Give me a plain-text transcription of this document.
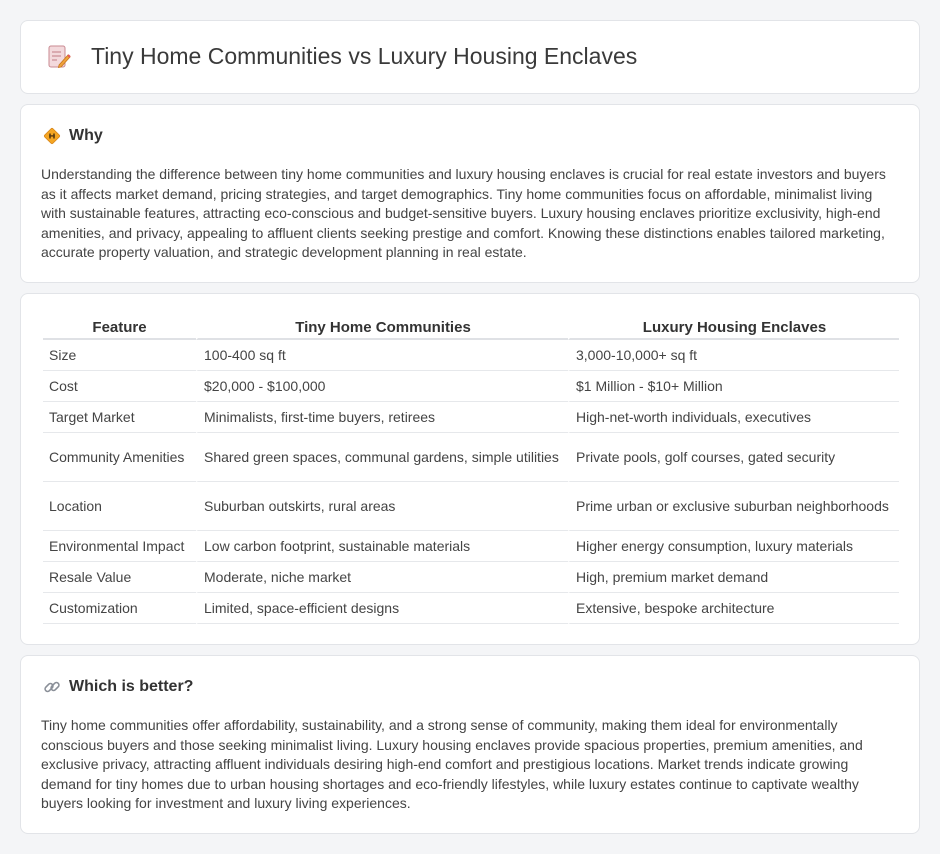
Tiny Home Communities vs Luxury Housing Enclaves
Why

Understanding the difference between tiny home communities and luxury housing enclaves is crucial for real estate investors and buyers as it affects market demand, pricing strategies, and target demographics. Tiny home communities focus on affordable, minimalist living with sustainable features, attracting eco-conscious and budget-sensitive buyers. Luxury housing enclaves prioritize exclusivity, high-end amenities, and privacy, appealing to affluent clients seeking prestige and comfort. Knowing these distinctions enables tailored marketing, accurate property valuation, and strategic development planning in real estate.

Feature	Tiny Home Communities	Luxury Housing Enclaves
Size	100-400 sq ft	3,000-10,000+ sq ft
Cost	$20,000 - $100,000	$1 Million - $10+ Million
Target Market	Minimalists, first-time buyers, retirees	High-net-worth individuals, executives
Community Amenities	Shared green spaces, communal gardens, simple utilities	Private pools, golf courses, gated security
Location	Suburban outskirts, rural areas	Prime urban or exclusive suburban neighborhoods
Environmental Impact	Low carbon footprint, sustainable materials	Higher energy consumption, luxury materials
Resale Value	Moderate, niche market	High, premium market demand
Customization	Limited, space-efficient designs	Extensive, bespoke architecture
Which is better?

Tiny home communities offer affordability, sustainability, and a strong sense of community, making them ideal for environmentally conscious buyers and those seeking minimalist living. Luxury housing enclaves provide spacious properties, premium amenities, and exclusive privacy, attracting affluent individuals desiring high-end comfort and prestigious locations. Market trends indicate growing demand for tiny homes due to urban housing shortages and eco-friendly lifestyles, while luxury estates continue to captivate wealthy buyers looking for investment and luxury living experiences.
